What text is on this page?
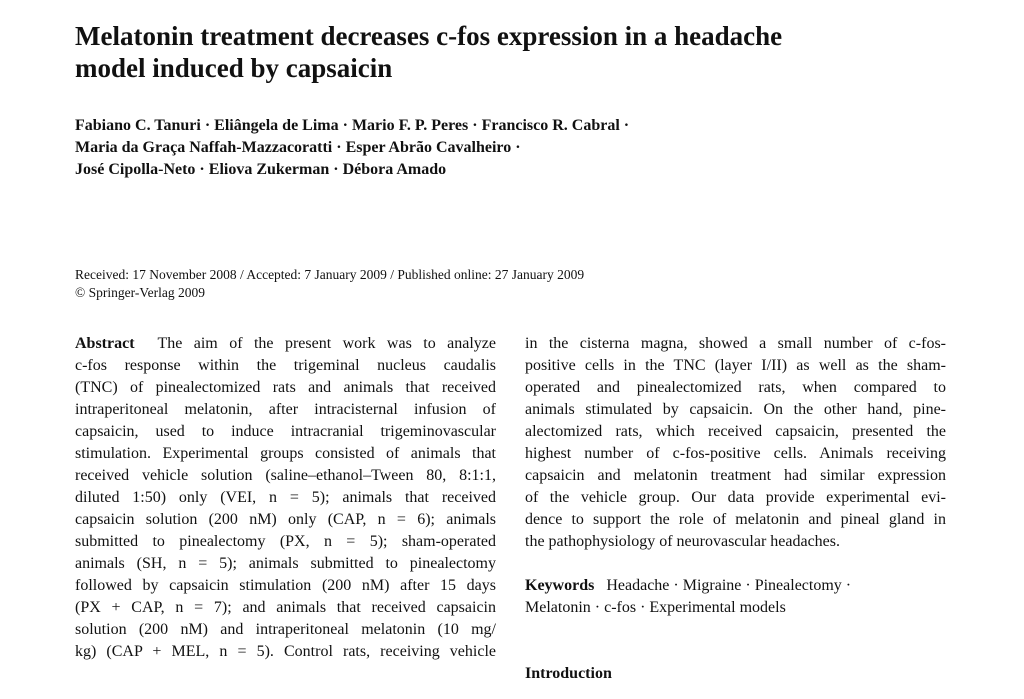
Melatonin treatment decreases c-fos expression in a headache
model induced by capsaicin
Fabiano C. Tanuri · Eliângela de Lima · Mario F. P. Peres · Francisco R. Cabral ·
Maria da Graça Naffah-Mazzacoratti · Esper Abrão Cavalheiro ·
José Cipolla-Neto · Eliova Zukerman · Débora Amado
Received: 17 November 2008 / Accepted: 7 January 2009 / Published online: 27 January 2009
© Springer-Verlag 2009
Abstract The aim of the present work was to analyze
c-fos response within the trigeminal nucleus caudalis
(TNC) of pinealectomized rats and animals that received
intraperitoneal melatonin, after intracisternal infusion of
capsaicin, used to induce intracranial trigeminovascular
stimulation. Experimental groups consisted of animals that
received vehicle solution (saline–ethanol–Tween 80, 8:1:1,
diluted 1:50) only (VEI, n = 5); animals that received
capsaicin solution (200 nM) only (CAP, n = 6); animals
submitted to pinealectomy (PX, n = 5); sham-operated
animals (SH, n = 5); animals submitted to pinealectomy
followed by capsaicin stimulation (200 nM) after 15 days
(PX + CAP, n = 7); and animals that received capsaicin
solution (200 nM) and intraperitoneal melatonin (10 mg/
kg) (CAP + MEL, n = 5). Control rats, receiving vehicle
in the cisterna magna, showed a small number of c-fos-
positive cells in the TNC (layer I/II) as well as the sham-
operated and pinealectomized rats, when compared to
animals stimulated by capsaicin. On the other hand, pine-
alectomized rats, which received capsaicin, presented the
highest number of c-fos-positive cells. Animals receiving
capsaicin and melatonin treatment had similar expression
of the vehicle group. Our data provide experimental evi-
dence to support the role of melatonin and pineal gland in
the pathophysiology of neurovascular headaches.
Keywords Headache · Migraine · Pinealectomy ·
Melatonin · c-fos · Experimental models
Introduction
